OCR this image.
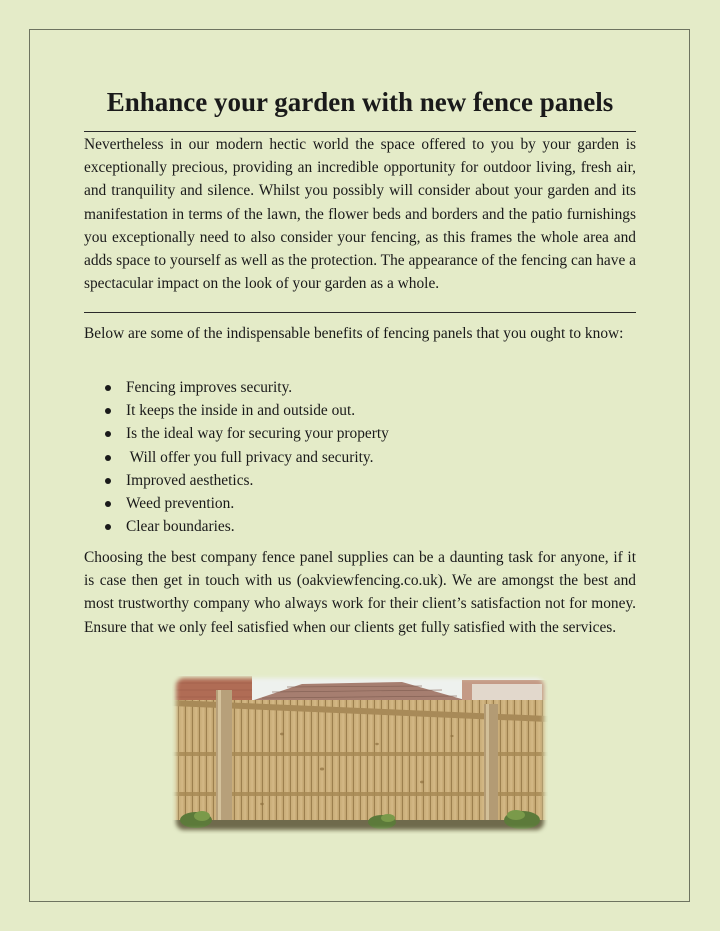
Enhance your garden with new fence panels

Nevertheless in our modern hectic world the space offered to you by your garden is exceptionally precious, providing an incredible opportunity for outdoor living, fresh air, and tranquility and silence. Whilst you possibly will consider about your garden and its manifestation in terms of the lawn, the flower beds and borders and the patio furnishings you exceptionally need to also consider your fencing, as this frames the whole area and adds space to yourself as well as the protection. The appearance of the fencing can have a spectacular impact on the look of your garden as a whole.

Below are some of the indispensable benefits of fencing panels that you ought to know:

Fencing improves security.
It keeps the inside in and outside out.
Is the ideal way for securing your property
Will offer you full privacy and security.
Improved aesthetics.
Weed prevention.
Clear boundaries.

Choosing the best company fence panel supplies can be a daunting task for anyone, if it is case then get in touch with us (oakviewfencing.co.uk). We are amongst the best and most trustworthy company who always work for their client’s satisfaction not for money. Ensure that we only feel satisfied when our clients get fully satisfied with the services.
